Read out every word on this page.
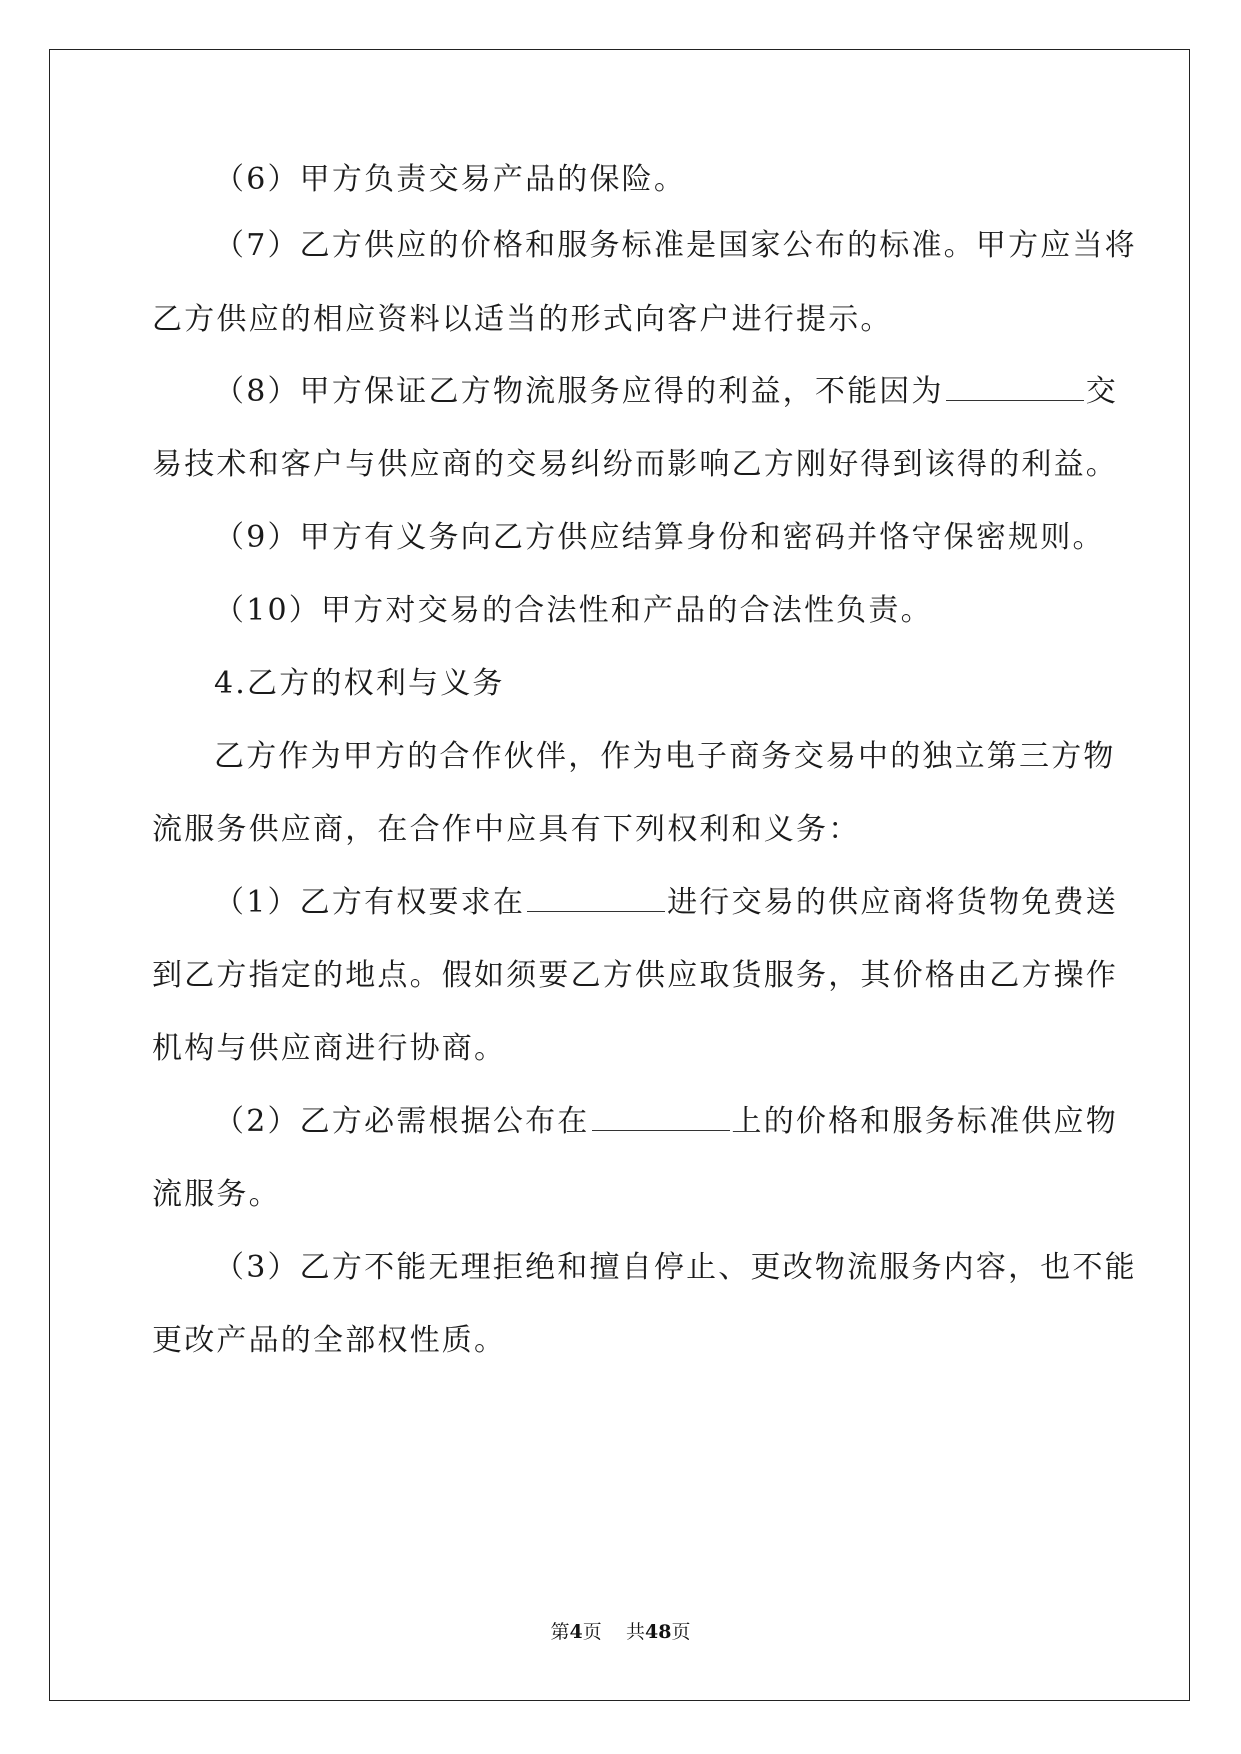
（6）甲方负责交易产品的保险。
（7）乙方供应的价格和服务标准是国家公布的标准。甲方应当将
乙方供应的相应资料以适当的形式向客户进行提示。
（8）甲方保证乙方物流服务应得的利益，不能因为	交
易技术和客户与供应商的交易纠纷而影响乙方刚好得到该得的利益。
（9）甲方有义务向乙方供应结算身份和密码并恪守保密规则。
（10）甲方对交易的合法性和产品的合法性负责。
4.乙方的权利与义务
乙方作为甲方的合作伙伴，作为电子商务交易中的独立第三方物
流服务供应商，在合作中应具有下列权利和义务：
（1）乙方有权要求在	进行交易的供应商将货物免费送
到乙方指定的地点。假如须要乙方供应取货服务，其价格由乙方操作
机构与供应商进行协商。
（2）乙方必需根据公布在	上的价格和服务标准供应物
流服务。
（3）乙方不能无理拒绝和擅自停止、更改物流服务内容，也不能
更改产品的全部权性质。
第4页 共48页
